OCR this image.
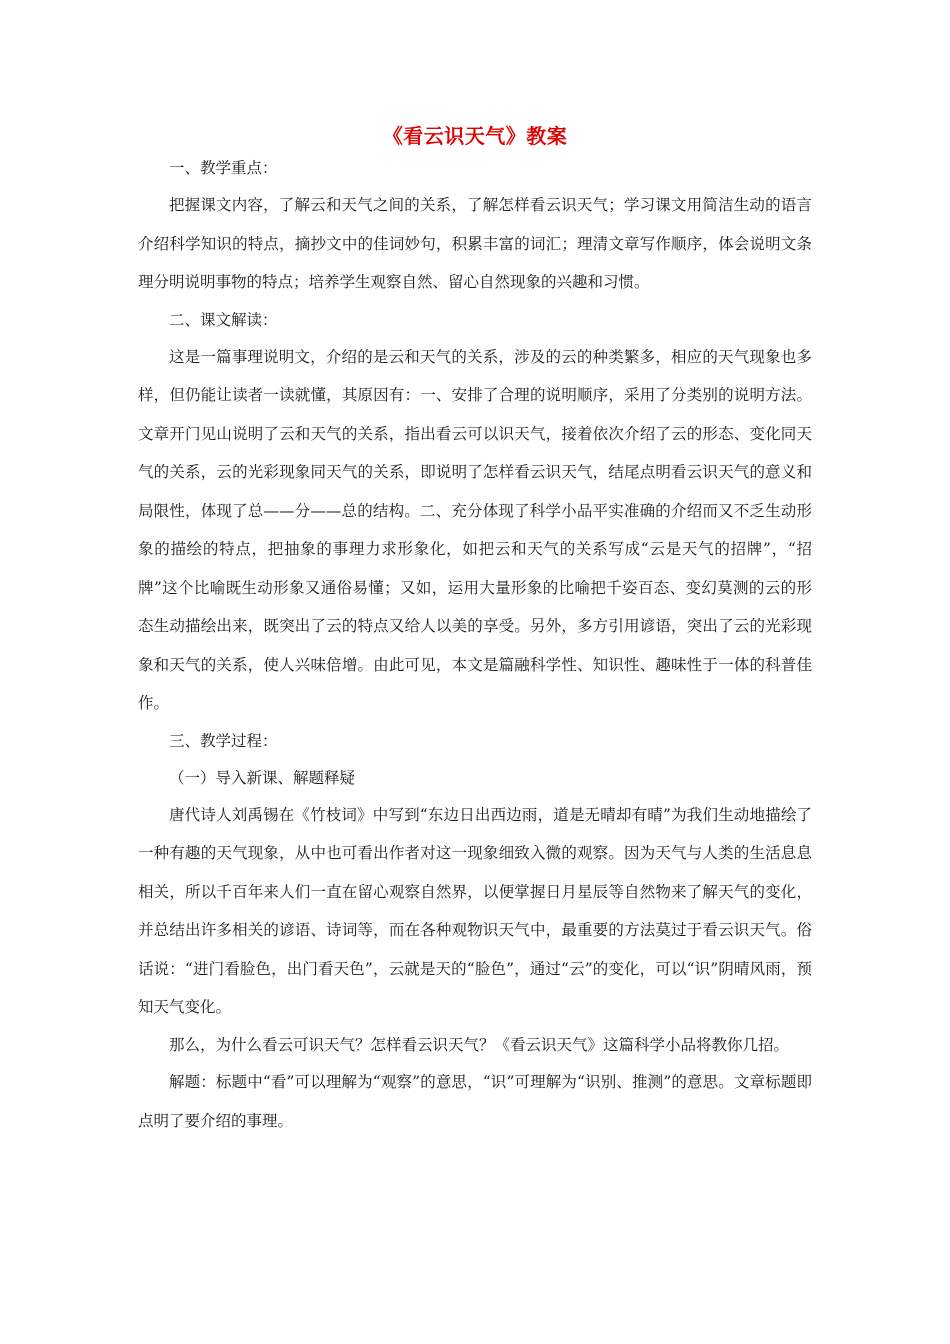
《看云识天气》教案
一、教学重点：

把握课文内容，了解云和天气之间的关系，了解怎样看云识天气；学习课文用简洁生动的语言介绍科学知识的特点，摘抄文中的佳词妙句，积累丰富的词汇；理清文章写作顺序，体会说明文条理分明说明事物的特点；培养学生观察自然、留心自然现象的兴趣和习惯。

二、课文解读：

这是一篇事理说明文，介绍的是云和天气的关系，涉及的云的种类繁多，相应的天气现象也多样，但仍能让读者一读就懂，其原因有：一、安排了合理的说明顺序，采用了分类别的说明方法。文章开门见山说明了云和天气的关系，指出看云可以识天气，接着依次介绍了云的形态、变化同天气的关系，云的光彩现象同天气的关系，即说明了怎样看云识天气，结尾点明看云识天气的意义和局限性，体现了总——分——总的结构。二、充分体现了科学小品平实准确的介绍而又不乏生动形象的描绘的特点，把抽象的事理力求形象化，如把云和天气的关系写成“云是天气的招牌”，“招牌”这个比喻既生动形象又通俗易懂；又如，运用大量形象的比喻把千姿百态、变幻莫测的云的形态生动描绘出来，既突出了云的特点又给人以美的享受。另外，多方引用谚语，突出了云的光彩现象和天气的关系，使人兴味倍增。由此可见，本文是篇融科学性、知识性、趣味性于一体的科普佳作。

三、教学过程：
（一）导入新课、解题释疑

唐代诗人刘禹锡在《竹枝词》中写到“东边日出西边雨，道是无晴却有晴”为我们生动地描绘了一种有趣的天气现象，从中也可看出作者对这一现象细致入微的观察。因为天气与人类的生活息息相关，所以千百年来人们一直在留心观察自然界，以便掌握日月星辰等自然物来了解天气的变化，并总结出许多相关的谚语、诗词等，而在各种观物识天气中，最重要的方法莫过于看云识天气。俗话说：“进门看脸色，出门看天色”，云就是天的“脸色”，通过“云”的变化，可以“识”阴晴风雨，预知天气变化。

那么，为什么看云可识天气？怎样看云识天气？《看云识天气》这篇科学小品将教你几招。

解题：标题中“看”可以理解为“观察”的意思，“识”可理解为“识别、推测”的意思。文章标题即点明了要介绍的事理。
